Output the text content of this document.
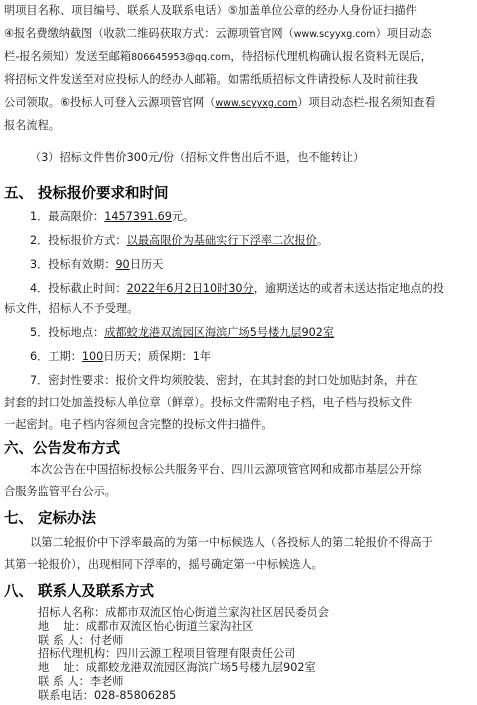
明项目名称、项目编号、联系人及联系电话）⑤加盖单位公章的经办人身份证扫描件
④报名费缴纳截图（收款二维码获取方式：云源项管官网（www.scyyxg.com）项目动态
栏-报名须知）发送至邮箱806645953@qq.com，待招标代理机构确认报名资料无误后，
将招标文件发送至对应投标人的经办人邮箱。如需纸质招标文件请投标人及时前往我
公司领取。⑥投标人可登入云源项管官网（www.scyyxg.com）项目动态栏-报名须知查看
报名流程。
（3）招标文件售价300元/份（招标文件售出后不退，也不能转让）
五、 投标报价要求和时间
1．最高限价：1457391.69元。
2．投标报价方式：以最高限价为基础实行下浮率二次报价。
3．投标有效期：90日历天
4．投标截止时间：2022年6月2日10时30分，逾期送达的或者未送达指定地点的投
标文件，招标人不予受理。
5．投标地点：成都蛟龙港双流园区海滨广场5号楼九层902室
6．工期：100日历天；质保期：1年
7．密封性要求：报价文件均须胶装、密封，在其封套的封口处加贴封条，并在
封套的封口处加盖投标人单位章（鲜章）。投标文件需附电子档，电子档与投标文件
一起密封。电子档内容须包含完整的投标文件扫描件。
六、公告发布方式
本次公告在中国招标投标公共服务平台、四川云源项管官网和成都市基层公开综
合服务监管平台公示。
七、 定标办法
以第二轮报价中下浮率最高的为第一中标候选人（各投标人的第二轮报价不得高于
其第一轮报价），出现相同下浮率的，摇号确定第一中标候选人。
八、 联系人及联系方式
招标人名称：成都市双流区怡心街道兰家沟社区居民委员会
地    址：成都市双流区怡心街道兰家沟社区
联 系 人：付老师
招标代理机构：四川云源工程项目管理有限责任公司
地    址：成都蛟龙港双流园区海滨广场5号楼九层902室
联 系 人：李老师
联系电话：028-85806285
